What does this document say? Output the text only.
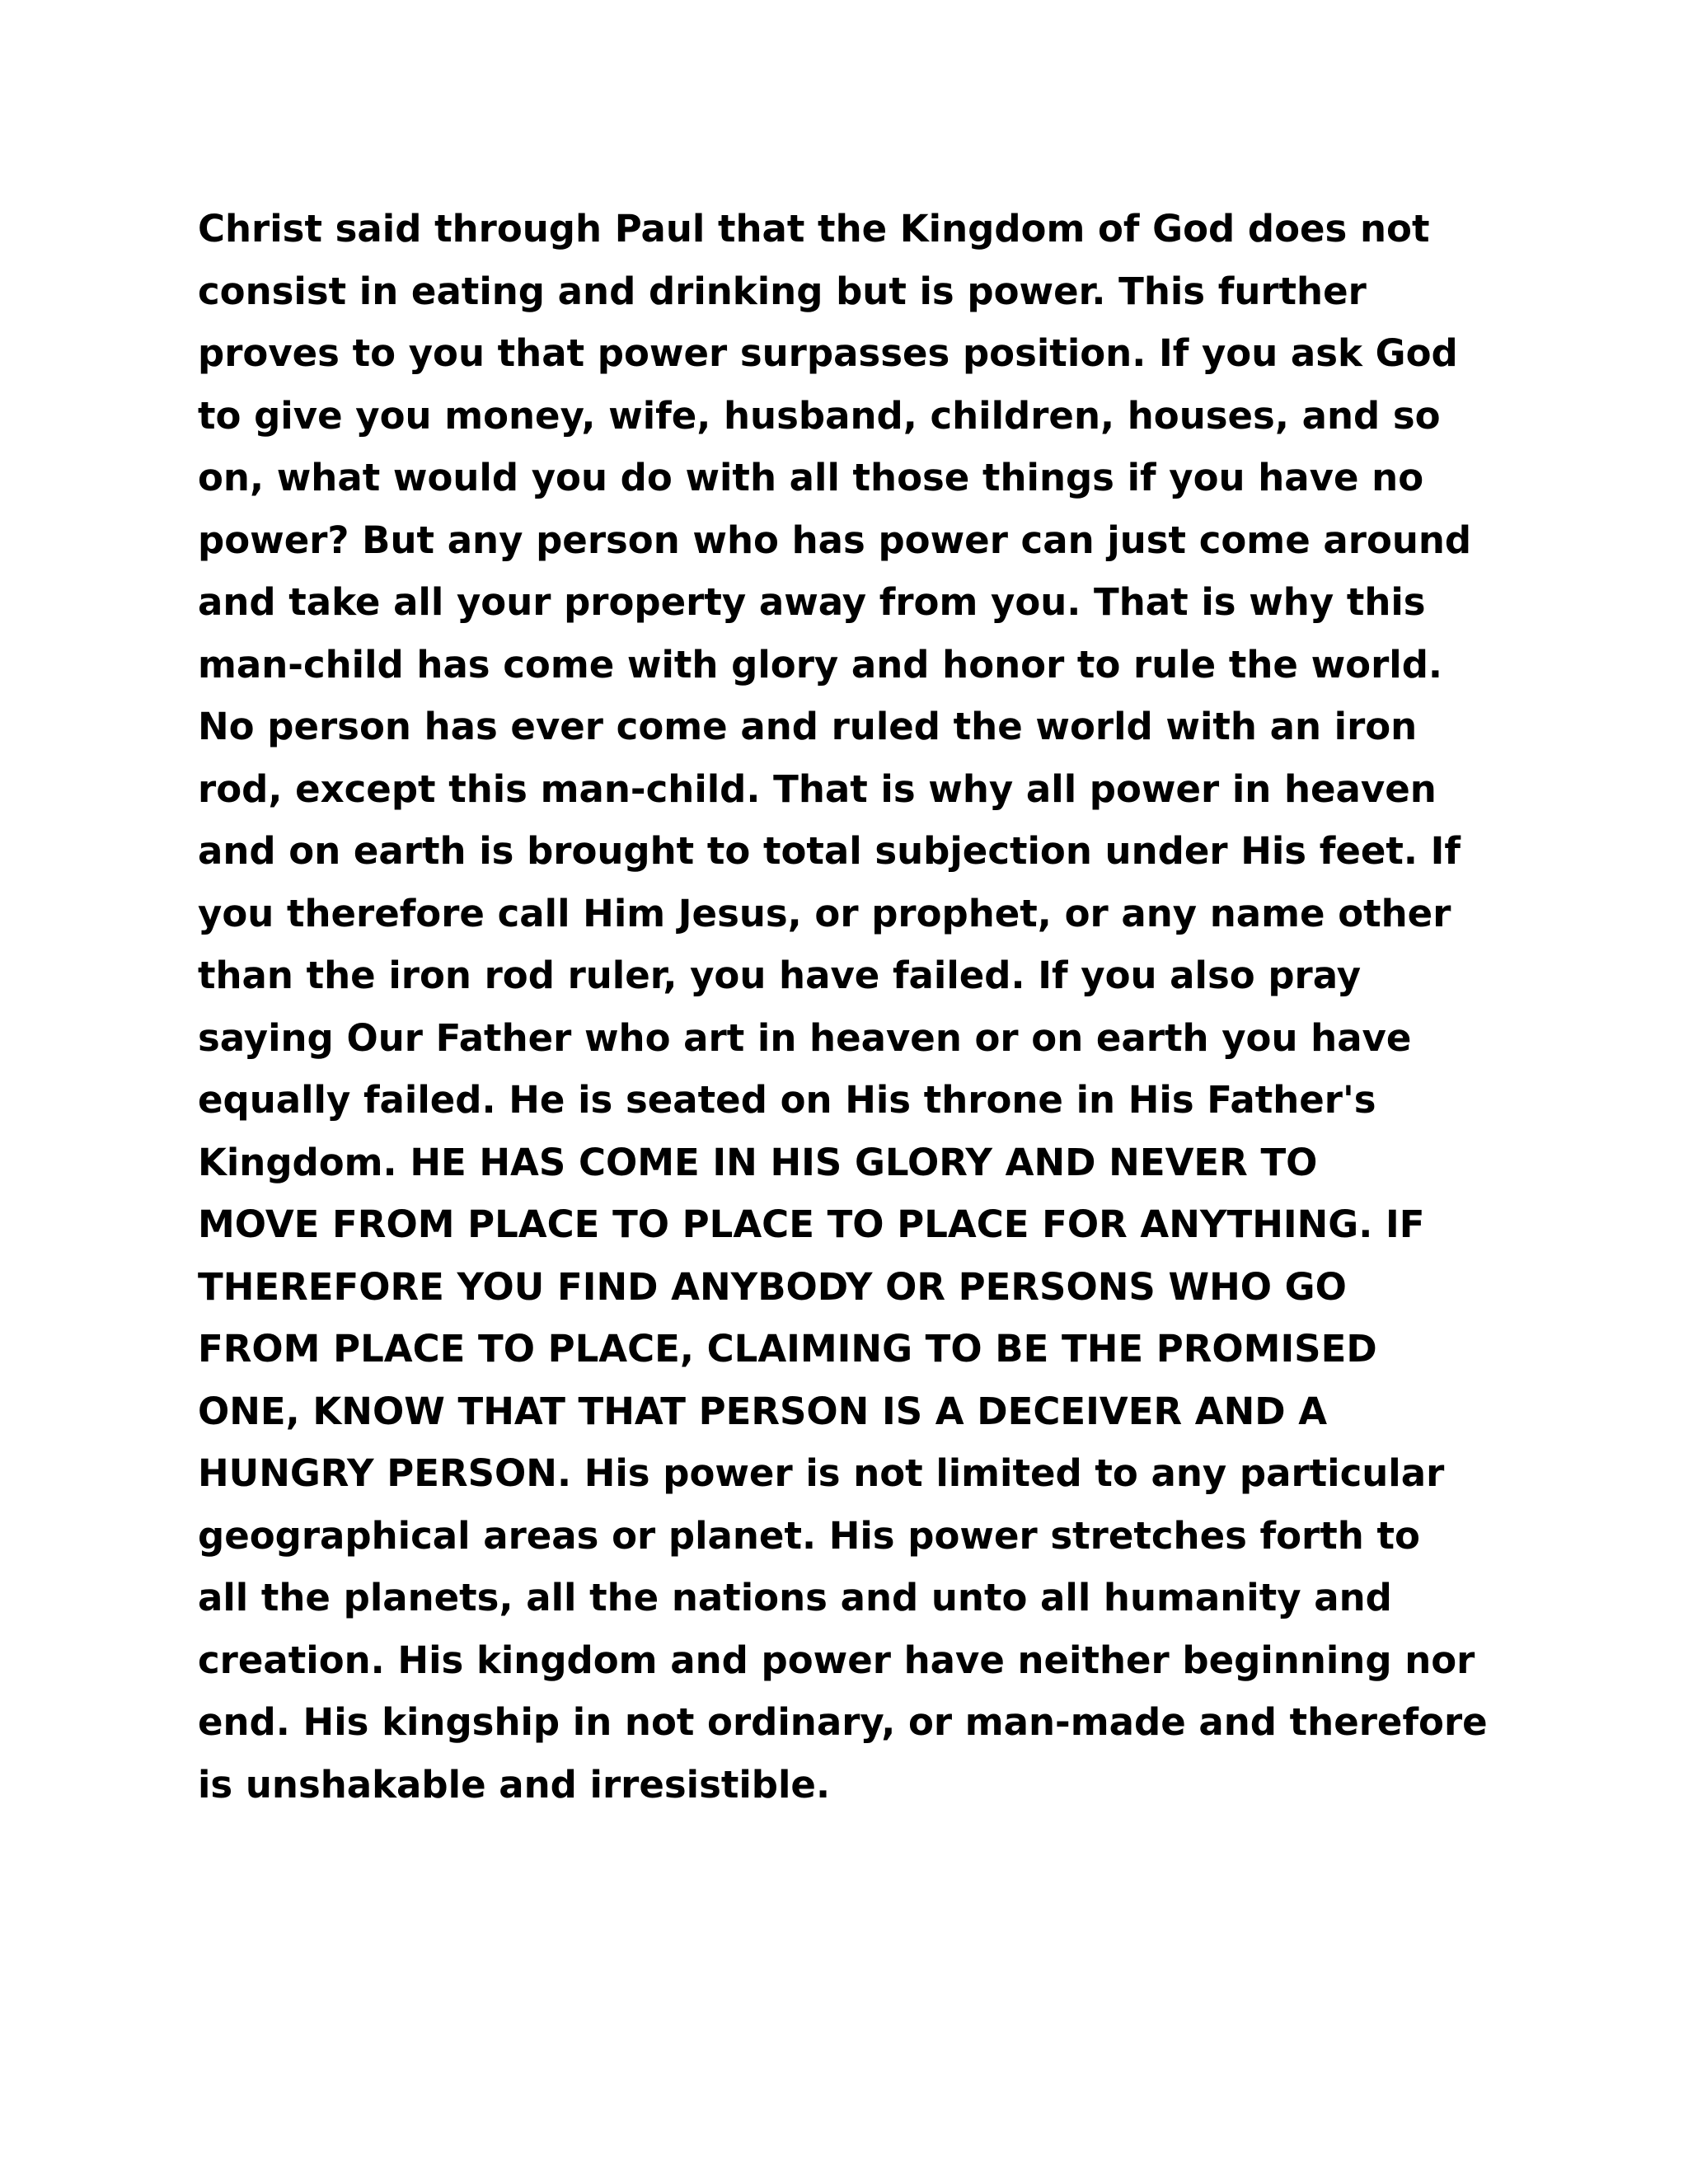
Christ said through Paul that the Kingdom of God does not
consist in eating and drinking but is power. This further
proves to you that power surpasses position. If you ask God
to give you money, wife, husband, children, houses, and so
on, what would you do with all those things if you have no
power? But any person who has power can just come around
and take all your property away from you. That is why this
man-child has come with glory and honor to rule the world.
No person has ever come and ruled the world with an iron
rod, except this man-child. That is why all power in heaven
and on earth is brought to total subjection under His feet. If
you therefore call Him Jesus, or prophet, or any name other
than the iron rod ruler, you have failed. If you also pray
saying Our Father who art in heaven or on earth you have
equally failed. He is seated on His throne in His Father's
Kingdom. HE HAS COME IN HIS GLORY AND NEVER TO
MOVE FROM PLACE TO PLACE TO PLACE FOR ANYTHING. IF
THEREFORE YOU FIND ANYBODY OR PERSONS WHO GO
FROM PLACE TO PLACE, CLAIMING TO BE THE PROMISED
ONE, KNOW THAT THAT PERSON IS A DECEIVER AND A
HUNGRY PERSON. His power is not limited to any particular
geographical areas or planet. His power stretches forth to
all the planets, all the nations and unto all humanity and
creation. His kingdom and power have neither beginning nor
end. His kingship in not ordinary, or man-made and therefore
is unshakable and irresistible.
